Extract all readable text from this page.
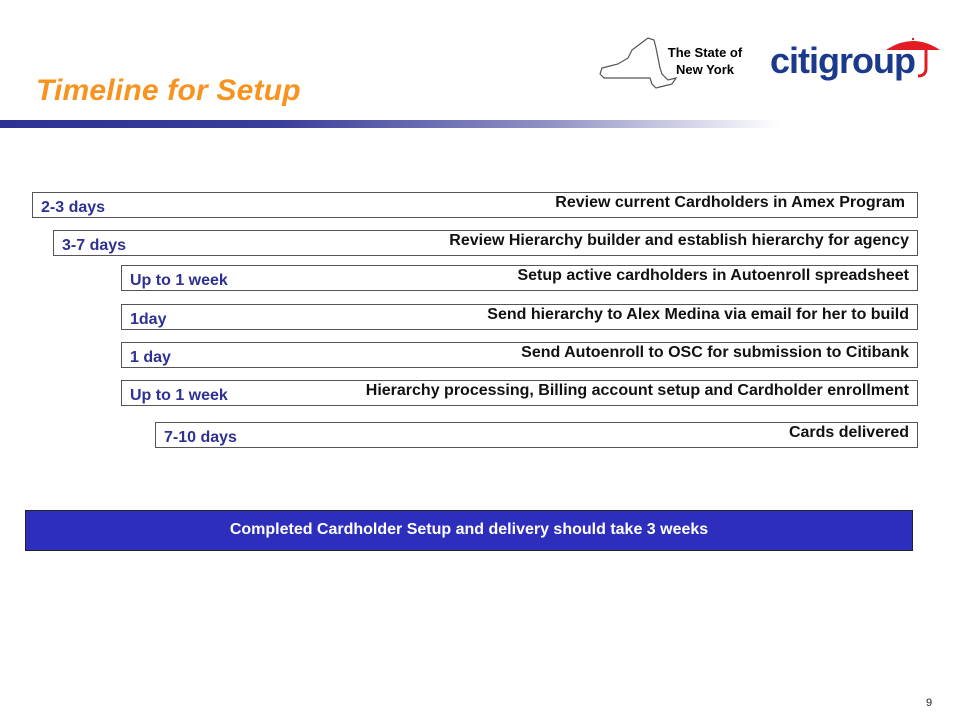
Timeline for Setup
The State of
New York citigroup
2-3 days	Review current Cardholders in Amex Program
3-7 days	Review Hierarchy builder and establish hierarchy for agency
Up to 1 week	Setup active cardholders in Autoenroll spreadsheet
1day	Send hierarchy to Alex Medina via email for her to build
1 day	Send Autoenroll to OSC for submission to Citibank
Up to 1 week	Hierarchy processing, Billing account setup and Cardholder enrollment
7-10 days	Cards delivered
Completed Cardholder Setup and delivery should take 3 weeks
9
